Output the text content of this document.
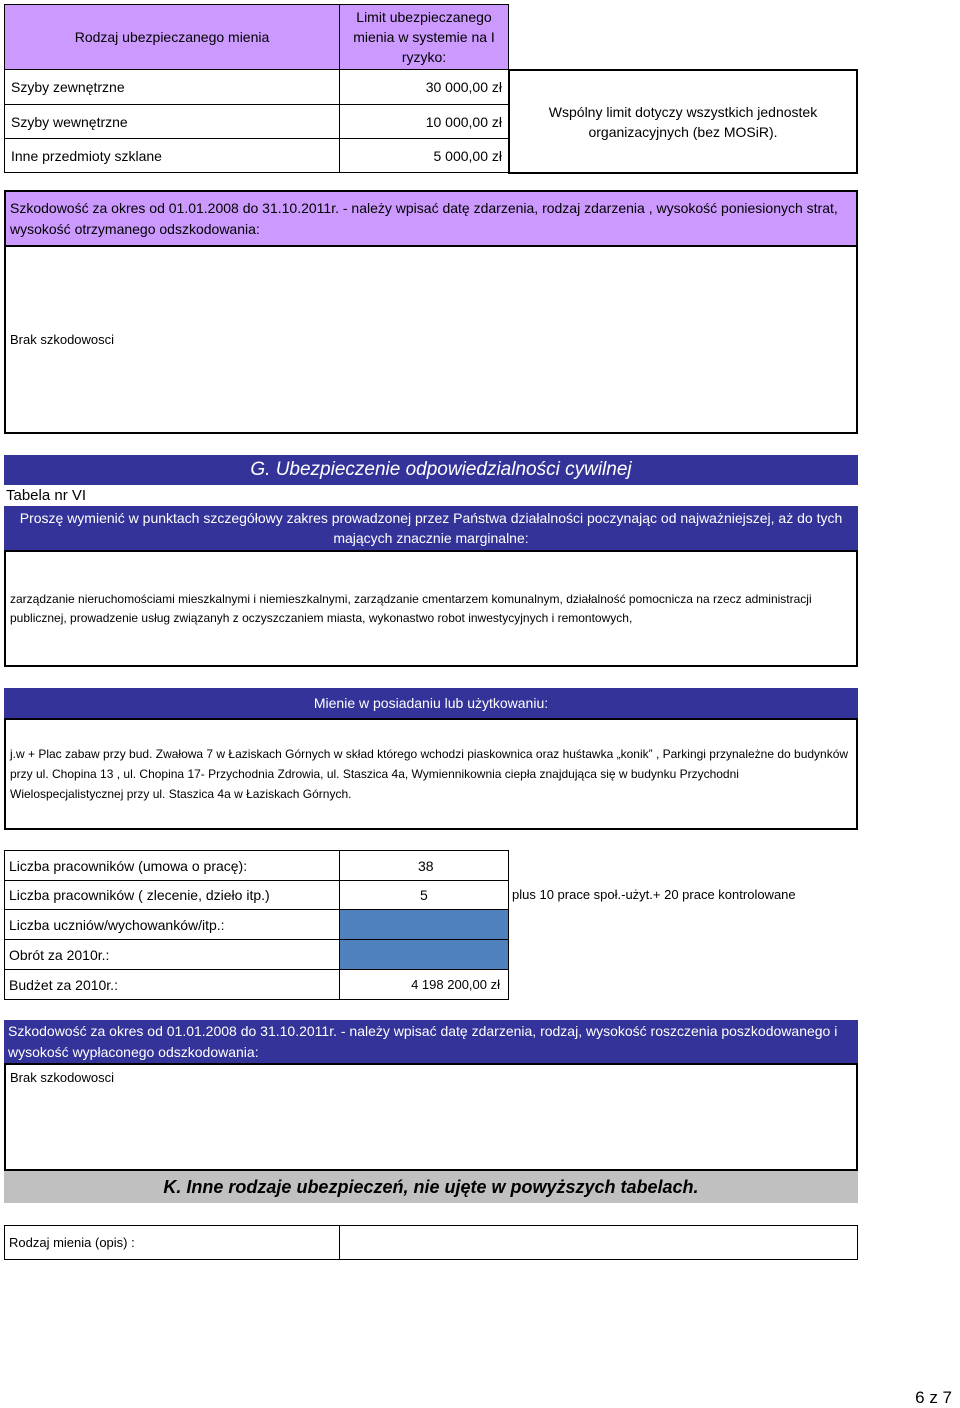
Rodzaj ubezpieczanego mienia
Limit ubezpieczanego mienia w systemie na I ryzyko:
Szyby zewnętrzne	30 000,00 zł
Szyby wewnętrzne	10 000,00 zł
Inne przedmioty szklane	5 000,00 zł
Wspólny limit dotyczy wszystkich jednostek organizacyjnych (bez MOSiR).
Szkodowość za okres od 01.01.2008 do 31.10.2011r. - należy wpisać datę zdarzenia, rodzaj zdarzenia , wysokość poniesionych strat, wysokość otrzymanego odszkodowania:
Brak szkodowosci
G. Ubezpieczenie odpowiedzialności cywilnej
Tabela nr VI
Proszę wymienić w punktach szczegółowy zakres prowadzonej przez Państwa działalności poczynając od najważniejszej, aż do tych mających znacznie marginalne:
zarządzanie nieruchomościami mieszkalnymi i niemieszkalnymi, zarządzanie cmentarzem komunalnym, działalność pomocnicza na rzecz administracji publicznej, prowadzenie usług związanyh z oczyszczaniem miasta, wykonastwo robot inwestycyjnych i remontowych,
Mienie w posiadaniu lub użytkowaniu:
j.w + Plac zabaw przy bud. Zwałowa 7 w Łaziskach Górnych w skład którego wchodzi piaskownica oraz huśtawka „konik” , Parkingi przynależne do budynków przy ul. Chopina 13 , ul. Chopina 17- Przychodnia Zdrowia, ul. Staszica 4a, Wymiennikownia ciepła znajdująca się w budynku Przychodni Wielospecjalistycznej przy ul. Staszica 4a w Łaziskach Górnych.
Liczba pracowników (umowa o pracę):	38
Liczba pracowników ( zlecenie, dzieło itp.)	5	plus 10 prace społ.-użyt.+ 20 prace kontrolowane
Liczba uczniów/wychowanków/itp.:
Obrót za 2010r.:
Budżet za 2010r.:	4 198 200,00 zł
Szkodowość za okres od 01.01.2008 do 31.10.2011r. - należy wpisać datę zdarzenia, rodzaj, wysokość roszczenia poszkodowanego i wysokość wypłaconego odszkodowania:
Brak szkodowosci
K. Inne rodzaje ubezpieczeń, nie ujęte w powyższych tabelach.
Rodzaj mienia (opis) :
6 z 7
